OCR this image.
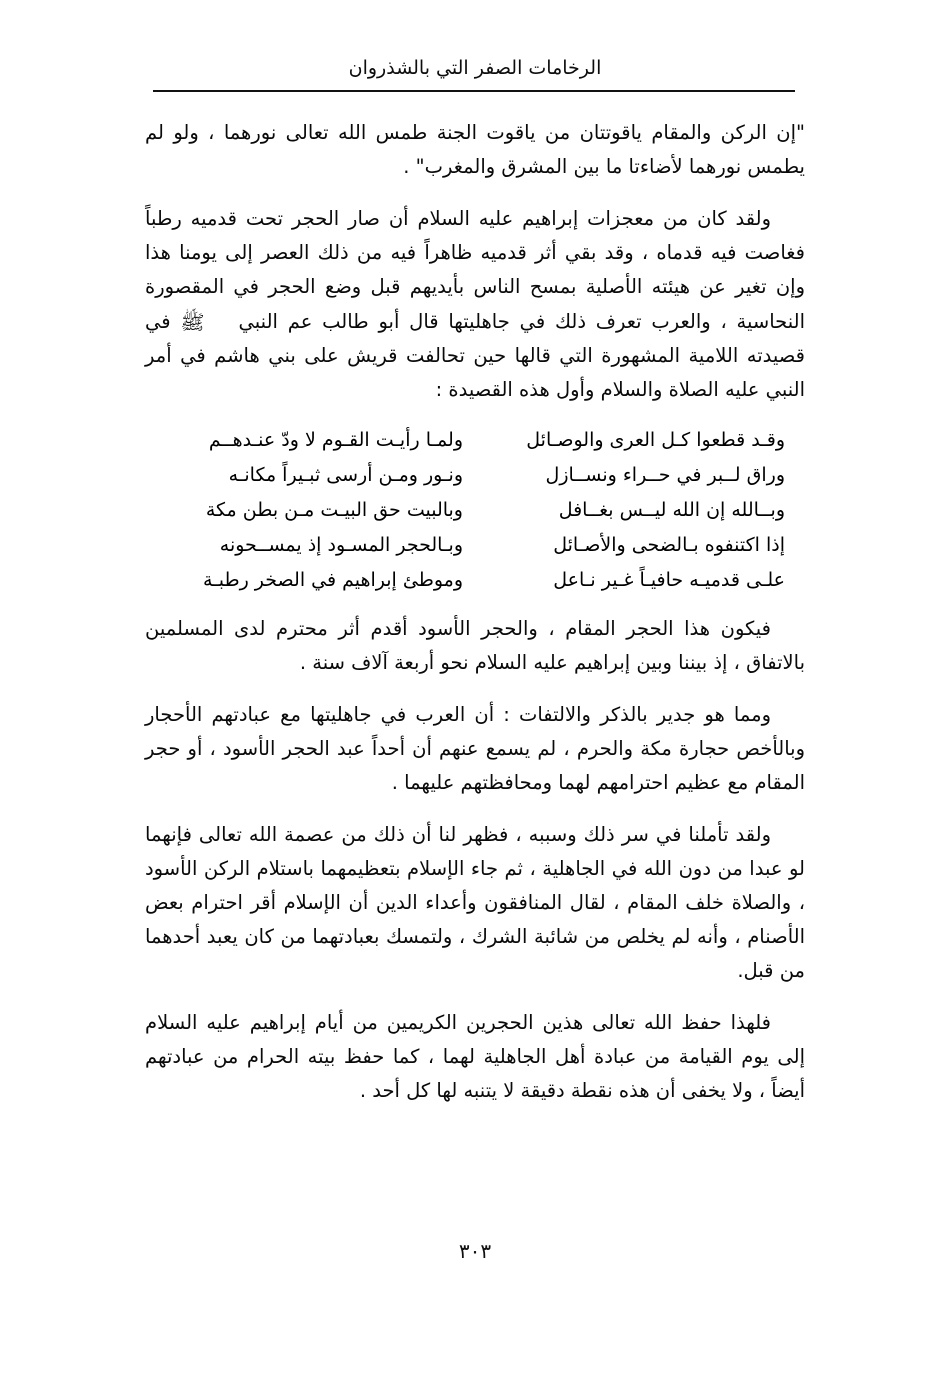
الرخامات الصفر التي بالشذروان

"إن الركن والمقام ياقوتتان من ياقوت الجنة طمس الله تعالى نورهما ، ولو لم يطمس نورهما لأضاءتا ما بين المشرق والمغرب" .

ولقد كان من معجزات إبراهيم عليه السلام أن صار الحجر تحت قدميه رطباً فغاصت فيه قدماه ، وقد بقي أثر قدميه ظاهراً فيه من ذلك العصر إلى يومنا هذا وإن تغير عن هيئته الأصلية بمسح الناس بأيديهم قبل وضع الحجر في المقصورة النحاسية ، والعرب تعرف ذلك في جاهليتها قال أبو طالب عم النبيﷺ في قصيدته اللامية المشهورة التي قالها حين تحالفت قريش على بني هاشم في أمر النبي عليه الصلاة والسلام وأول هذه القصيدة :

وقـد قطعوا كـل العرى والوصـائل
ولمـا رأيـت القـوم لا ودّ عنـدهــم
وراق لــبر في حــراء ونســازل
ونـور ومـن أرسى ثبـيراً مكانـه
وبــالله إن الله ليــس بغــافل
وبالبيت حق البيـت مـن بطن مكة
إذا اكتنفوه بـالضحى والأصـائل
وبـالحجر المسـود إذ يمســحونه
علـى قدميـه حافيـاً غـير نـاعل
وموطئ إبراهيم في الصخر رطبـة

فيكون هذا الحجر المقام ، والحجر الأسود أقدم أثر محترم لدى المسلمين بالاتفاق ، إذ بيننا وبين إبراهيم عليه السلام نحو أربعة آلاف سنة .

ومما هو جدير بالذكر والالتفات : أن العرب في جاهليتها مع عبادتهم الأحجار وبالأخص حجارة مكة والحرم ، لم يسمع عنهم أن أحداً عبد الحجر الأسود ، أو حجر المقام مع عظيم احترامهم لهما ومحافظتهم عليهما .

ولقد تأملنا في سر ذلك وسببه ، فظهر لنا أن ذلك من عصمة الله تعالى فإنهما لو عبدا من دون الله في الجاهلية ، ثم جاء الإسلام بتعظيمهما باستلام الركن الأسود ، والصلاة خلف المقام ، لقال المنافقون وأعداء الدين أن الإسلام أقر احترام بعض الأصنام ، وأنه لم يخلص من شائبة الشرك ، ولتمسك بعبادتهما من كان يعبد أحدهما من قبل.

فلهذا حفظ الله تعالى هذين الحجرين الكريمين من أيام إبراهيم عليه السلام إلى يوم القيامة من عبادة أهل الجاهلية لهما ، كما حفظ بيته الحرام من عبادتهم أيضاً ، ولا يخفى أن هذه نقطة دقيقة لا يتنبه لها كل أحد .

٣٠٣
